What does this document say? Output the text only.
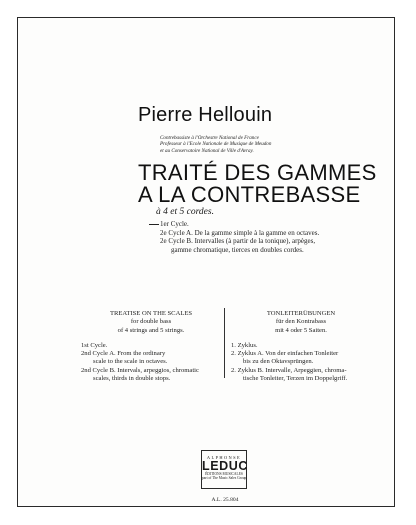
Pierre Hellouin
Contrebassiste à l'Orchestre National de France
Professeur à l'Ecole Nationale de Musique de Meudon
et au Conservatoire National de Ville d'Avray.
TRAITÉ DES GAMMES
A LA CONTREBASSE
à 4 et 5 cordes.
1er Cycle.
2e Cycle A. De la gamme simple à la gamme en octaves.
2e Cycle B. Intervalles (à partir de la tonique), arpèges,
gamme chromatique, tierces en doubles cordes.
TREATISE ON THE SCALES
for double bass
of 4 strings and 5 strings.
1st Cycle.
2nd Cycle A. From the ordinary
scale to the scale in octaves.
2nd Cycle B. Intervals, arpeggios, chromatic
scales, thirds in double stops.
TONLEITERÜBUNGEN
für den Kontrabass
mit 4 oder 5 Saiten.
1. Zyklus.
2. Zyklus A. Von der einfachen Tonleiter
bis zu den Oktavsprüngen.
2. Zyklus B. Intervalle, Arpeggien, chroma-
tische Tonleiter, Terzen im Doppelgriff.
ALPHONSE
LEDUC
ÉDITIONS MUSICALES
part of The Music Sales Group
A.L. 25.804
